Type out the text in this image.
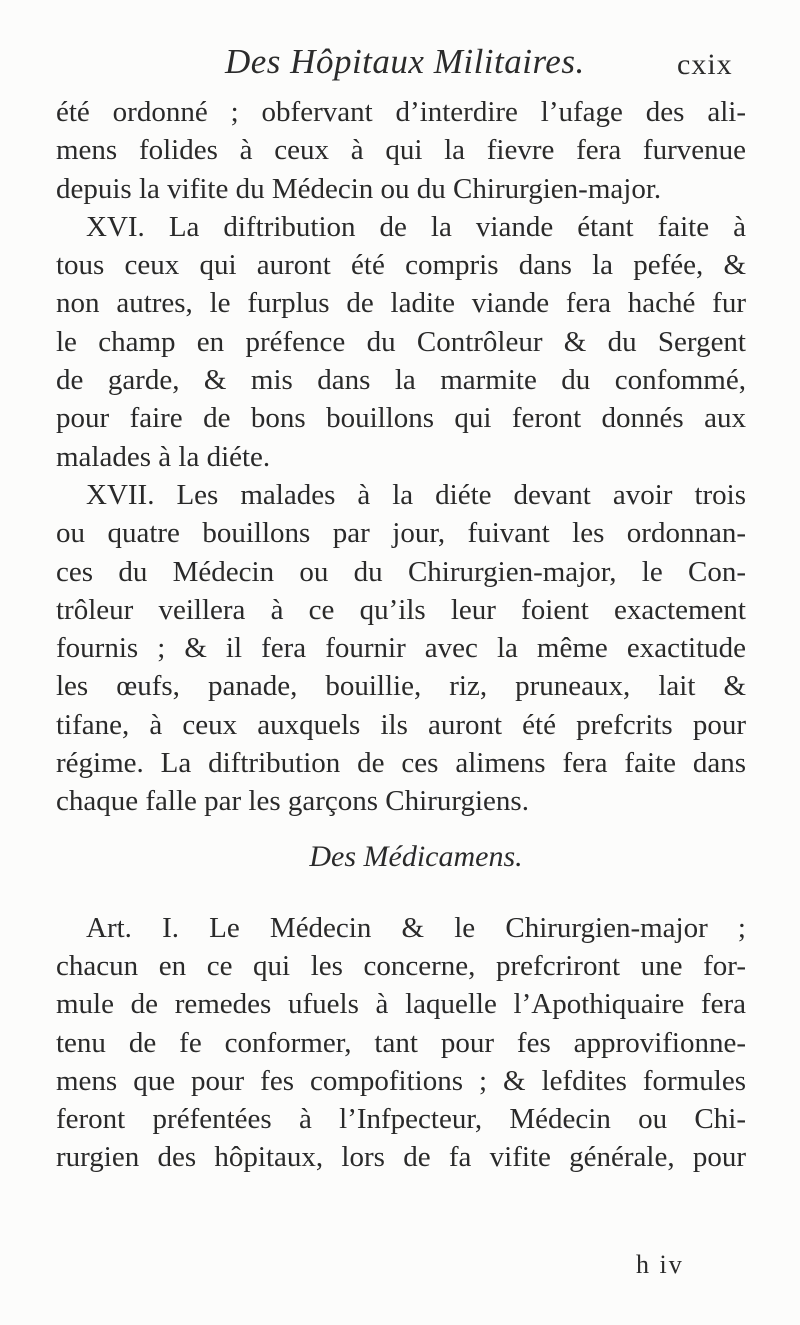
Des Hôpitaux Militaires.	cxix
été ordonné ; obfervant d’interdire l’ufage des ali-
mens folides à ceux à qui la fievre fera furvenue
depuis la vifite du Médecin ou du Chirurgien-major.
XVI. La diftribution de la viande étant faite à
tous ceux qui auront été compris dans la pefée, &
non autres, le furplus de ladite viande fera haché fur
le champ en préfence du Contrôleur & du Sergent
de garde, & mis dans la marmite du confommé,
pour faire de bons bouillons qui feront donnés aux
malades à la diéte.
XVII. Les malades à la diéte devant avoir trois
ou quatre bouillons par jour, fuivant les ordonnan-
ces du Médecin ou du Chirurgien-major, le Con-
trôleur veillera à ce qu’ils leur foient exactement
fournis ; & il fera fournir avec la même exactitude
les œufs, panade, bouillie, riz, pruneaux, lait &
tifane, à ceux auxquels ils auront été prefcrits pour
régime. La diftribution de ces alimens fera faite dans
chaque falle par les garçons Chirurgiens.
Des Médicamens.
Art. I. Le Médecin & le Chirurgien-major ;
chacun en ce qui les concerne, prefcriront une for-
mule de remedes ufuels à laquelle l’Apothiquaire fera
tenu de fe conformer, tant pour fes approvifionne-
mens que pour fes compofitions ; & lefdites formules
feront préfentées à l’Infpecteur, Médecin ou Chi-
rurgien des hôpitaux, lors de fa vifite générale, pour
h iv
